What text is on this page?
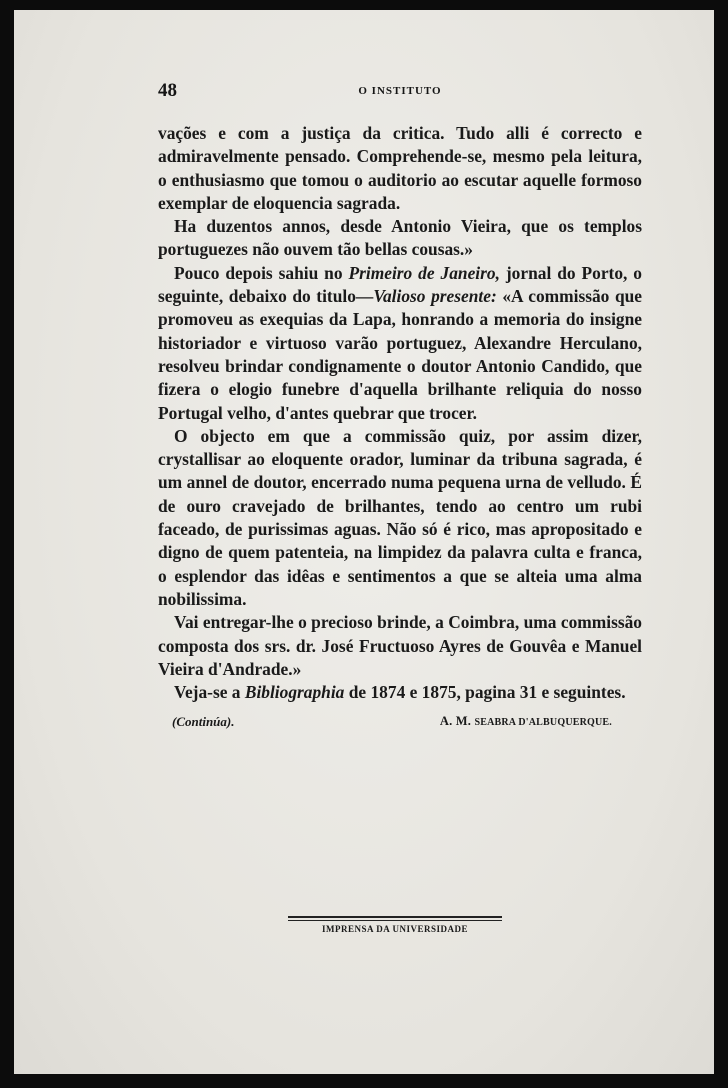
48	O INSTITUTO

vações e com a justiça da critica. Tudo alli é correcto e admiravelmente pensado. Comprehende-se, mesmo pela leitura, o enthusiasmo que tomou o auditorio ao escutar aquelle formoso exemplar de eloquencia sagrada.

Ha duzentos annos, desde Antonio Vieira, que os templos portuguezes não ouvem tão bellas cousas.»

Pouco depois sahiu no Primeiro de Janeiro, jornal do Porto, o seguinte, debaixo do titulo—Valioso presente: «A commissão que promoveu as exequias da Lapa, honrando a memoria do insigne historiador e virtuoso varão portuguez, Alexandre Herculano, resolveu brindar condignamente o doutor Antonio Candido, que fizera o elogio funebre d'aquella brilhante reliquia do nosso Portugal velho, d'antes quebrar que trocer.

O objecto em que a commissão quiz, por assim dizer, crystallisar ao eloquente orador, luminar da tribuna sagrada, é um annel de doutor, encerrado numa pequena urna de velludo. É de ouro cravejado de brilhantes, tendo ao centro um rubi faceado, de purissimas aguas. Não só é rico, mas apropositado e digno de quem patenteia, na limpidez da palavra culta e franca, o esplendor das idêas e sentimentos a que se alteia uma alma nobilissima.

Vai entregar-lhe o precioso brinde, a Coimbra, uma commissão composta dos srs. dr. José Fructuoso Ayres de Gouvêa e Manuel Vieira d'Andrade.»

Veja-se a Bibliographia de 1874 e 1875, pagina 31 e seguintes.

(Continúa).	A. M. SEABRA D'ALBUQUERQUE.
IMPRENSA DA UNIVERSIDADE
